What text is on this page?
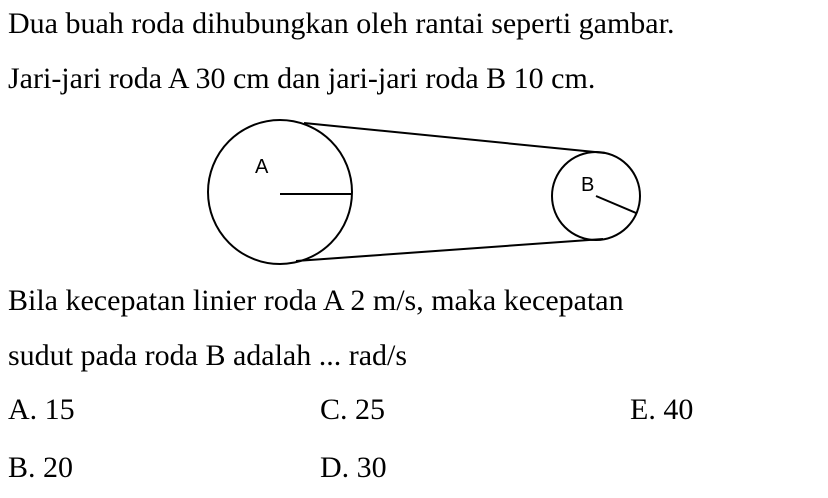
Dua buah roda dihubungkan oleh rantai seperti gambar.
Jari-jari roda A 30 cm dan jari-jari roda B 10 cm.
A
B
Bila kecepatan linier roda A 2 m/s, maka kecepatan
sudut pada roda B adalah ... rad/s
A. 15	C. 25	E. 40
B. 20	D. 30
